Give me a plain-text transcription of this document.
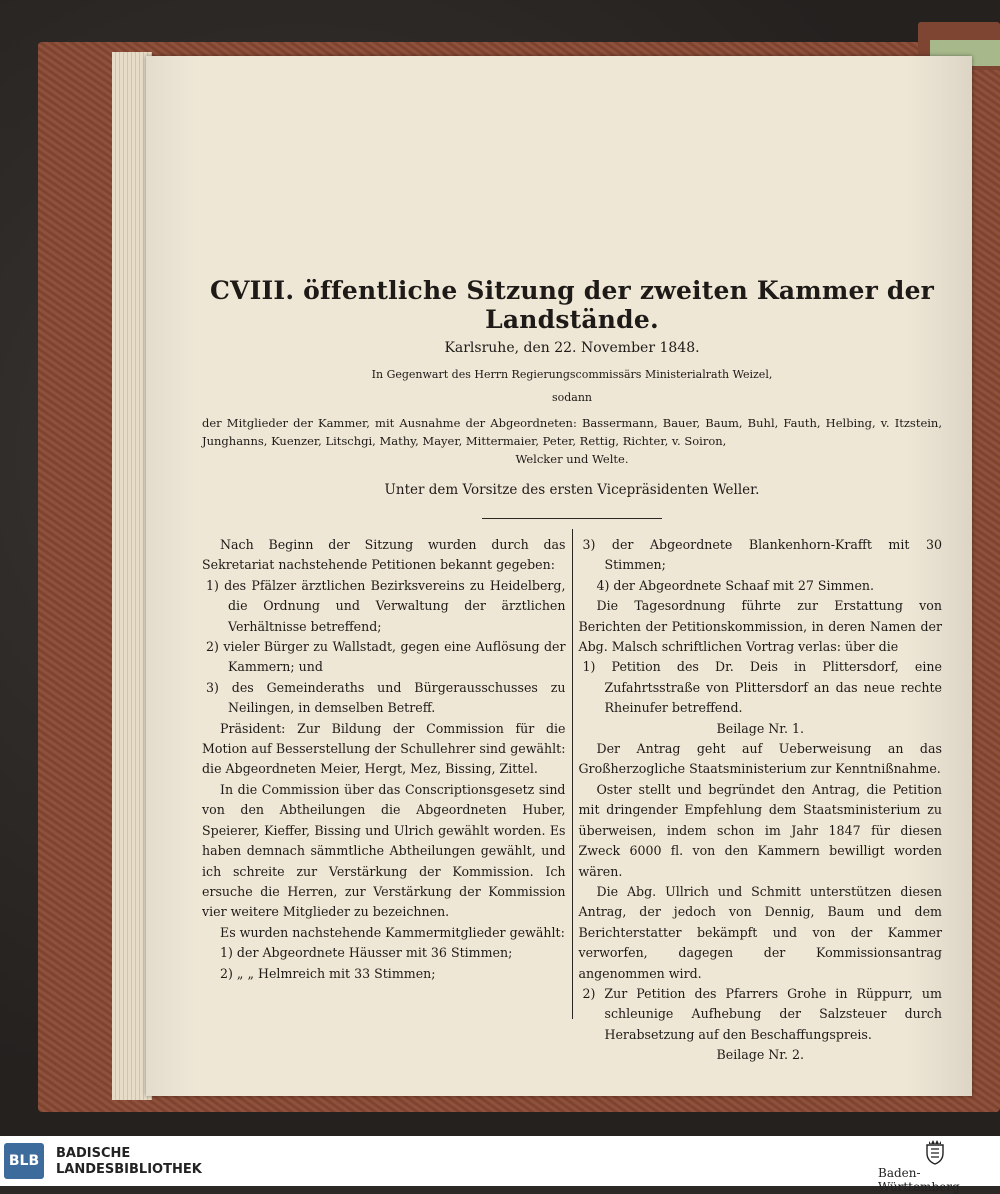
CVIII. öffentliche Sitzung der zweiten Kammer der Landstände.
Karlsruhe, den 22. November 1848.
In Gegenwart des Herrn Regierungscommissärs Ministerialrath Weizel,
sodann

der Mitglieder der Kammer, mit Ausnahme der Abgeordneten: Bassermann, Bauer, Baum, Buhl, Fauth, Helbing, v. Itzstein, Junghanns, Kuenzer, Litschgi, Mathy, Mayer, Mittermaier, Peter, Rettig, Richter, v. Soiron,
Welcker und Welte.

Unter dem Vorsitze des ersten Vicepräsidenten Weller.

Nach Beginn der Sitzung wurden durch das Sekretariat nachstehende Petitionen bekannt gegeben:

1) des Pfälzer ärztlichen Bezirksvereins zu Heidelberg, die Ordnung und Verwaltung der ärztlichen Verhältnisse betreffend;

2) vieler Bürger zu Wallstadt, gegen eine Auflösung der Kammern; und

3) des Gemeinderaths und Bürgerausschusses zu Neilingen, in demselben Betreff.

Präsident: Zur Bildung der Commission für die Motion auf Besserstellung der Schullehrer sind gewählt: die Abgeordneten Meier, Hergt, Mez, Bissing, Zittel.

In die Commission über das Conscriptionsgesetz sind von den Abtheilungen die Abgeordneten Huber, Speierer, Kieffer, Bissing und Ulrich gewählt worden. Es haben demnach sämmtliche Abtheilungen gewählt, und ich schreite zur Verstärkung der Kommission. Ich ersuche die Herren, zur Verstärkung der Kommission vier weitere Mitglieder zu bezeichnen.

Es wurden nachstehende Kammermitglieder gewählt:

1) der Abgeordnete Häusser mit 36 Stimmen;

2) „ „ Helmreich mit 33 Stimmen;

3) der Abgeordnete Blankenhorn-Krafft mit 30 Stimmen;

4) der Abgeordnete Schaaf mit 27 Simmen.

Die Tagesordnung führte zur Erstattung von Berichten der Petitionskommission, in deren Namen der Abg. Malsch schriftlichen Vortrag verlas: über die

1) Petition des Dr. Deis in Plittersdorf, eine Zufahrtsstraße von Plittersdorf an das neue rechte Rheinufer betreffend.

Beilage Nr. 1.

Der Antrag geht auf Ueberweisung an das Großherzogliche Staatsministerium zur Kenntnißnahme.

Oster stellt und begründet den Antrag, die Petition mit dringender Empfehlung dem Staatsministerium zu überweisen, indem schon im Jahr 1847 für diesen Zweck 6000 fl. von den Kammern bewilligt worden wären.

Die Abg. Ullrich und Schmitt unterstützen diesen Antrag, der jedoch von Dennig, Baum und dem Berichterstatter bekämpft und von der Kammer verworfen, dagegen der Kommissionsantrag angenommen wird.

2) Zur Petition des Pfarrers Grohe in Rüppurr, um schleunige Aufhebung der Salzsteuer durch Herabsetzung auf den Beschaffungspreis.

Beilage Nr. 2.

BLB	BADISCHE
LANDESBIBLIOTHEK	Baden-Württemberg
